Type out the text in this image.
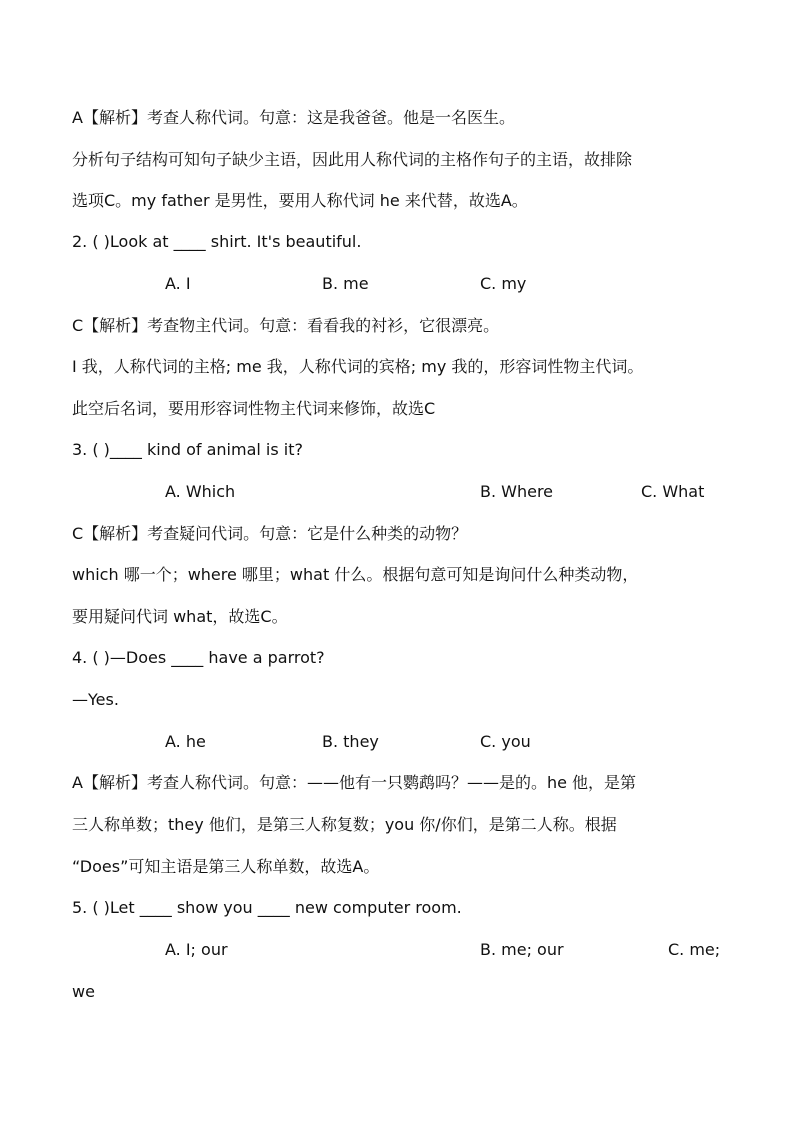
A【解析】考查人称代词。句意：这是我爸爸。他是一名医生。
分析句子结构可知句子缺少主语，因此用人称代词的主格作句子的主语，故排除
选项C。my father 是男性，要用人称代词 he 来代替，故选A。
2. ( )Look at ____ shirt. It's beautiful.
A. I	B. me	C. my
C【解析】考查物主代词。句意：看看我的衬衫，它很漂亮。
I 我，人称代词的主格; me 我，人称代词的宾格; my 我的，形容词性物主代词。
此空后名词，要用形容词性物主代词来修饰，故选C
3. ( )____ kind of animal is it?
A. Which	B. Where	C. What
C【解析】考查疑问代词。句意：它是什么种类的动物？
which 哪一个；where 哪里；what 什么。根据句意可知是询问什么种类动物，
要用疑问代词 what，故选C。
4. ( )—Does ____ have a parrot?
—Yes.
A. he	B. they	C. you
A【解析】考查人称代词。句意：——他有一只鹦鹉吗？——是的。he 他，是第
三人称单数；they 他们，是第三人称复数；you 你/你们，是第二人称。根据
“Does”可知主语是第三人称单数，故选A。
5. ( )Let ____ show you ____ new computer room.
A. I; our	B. me; our	C. me;
we
